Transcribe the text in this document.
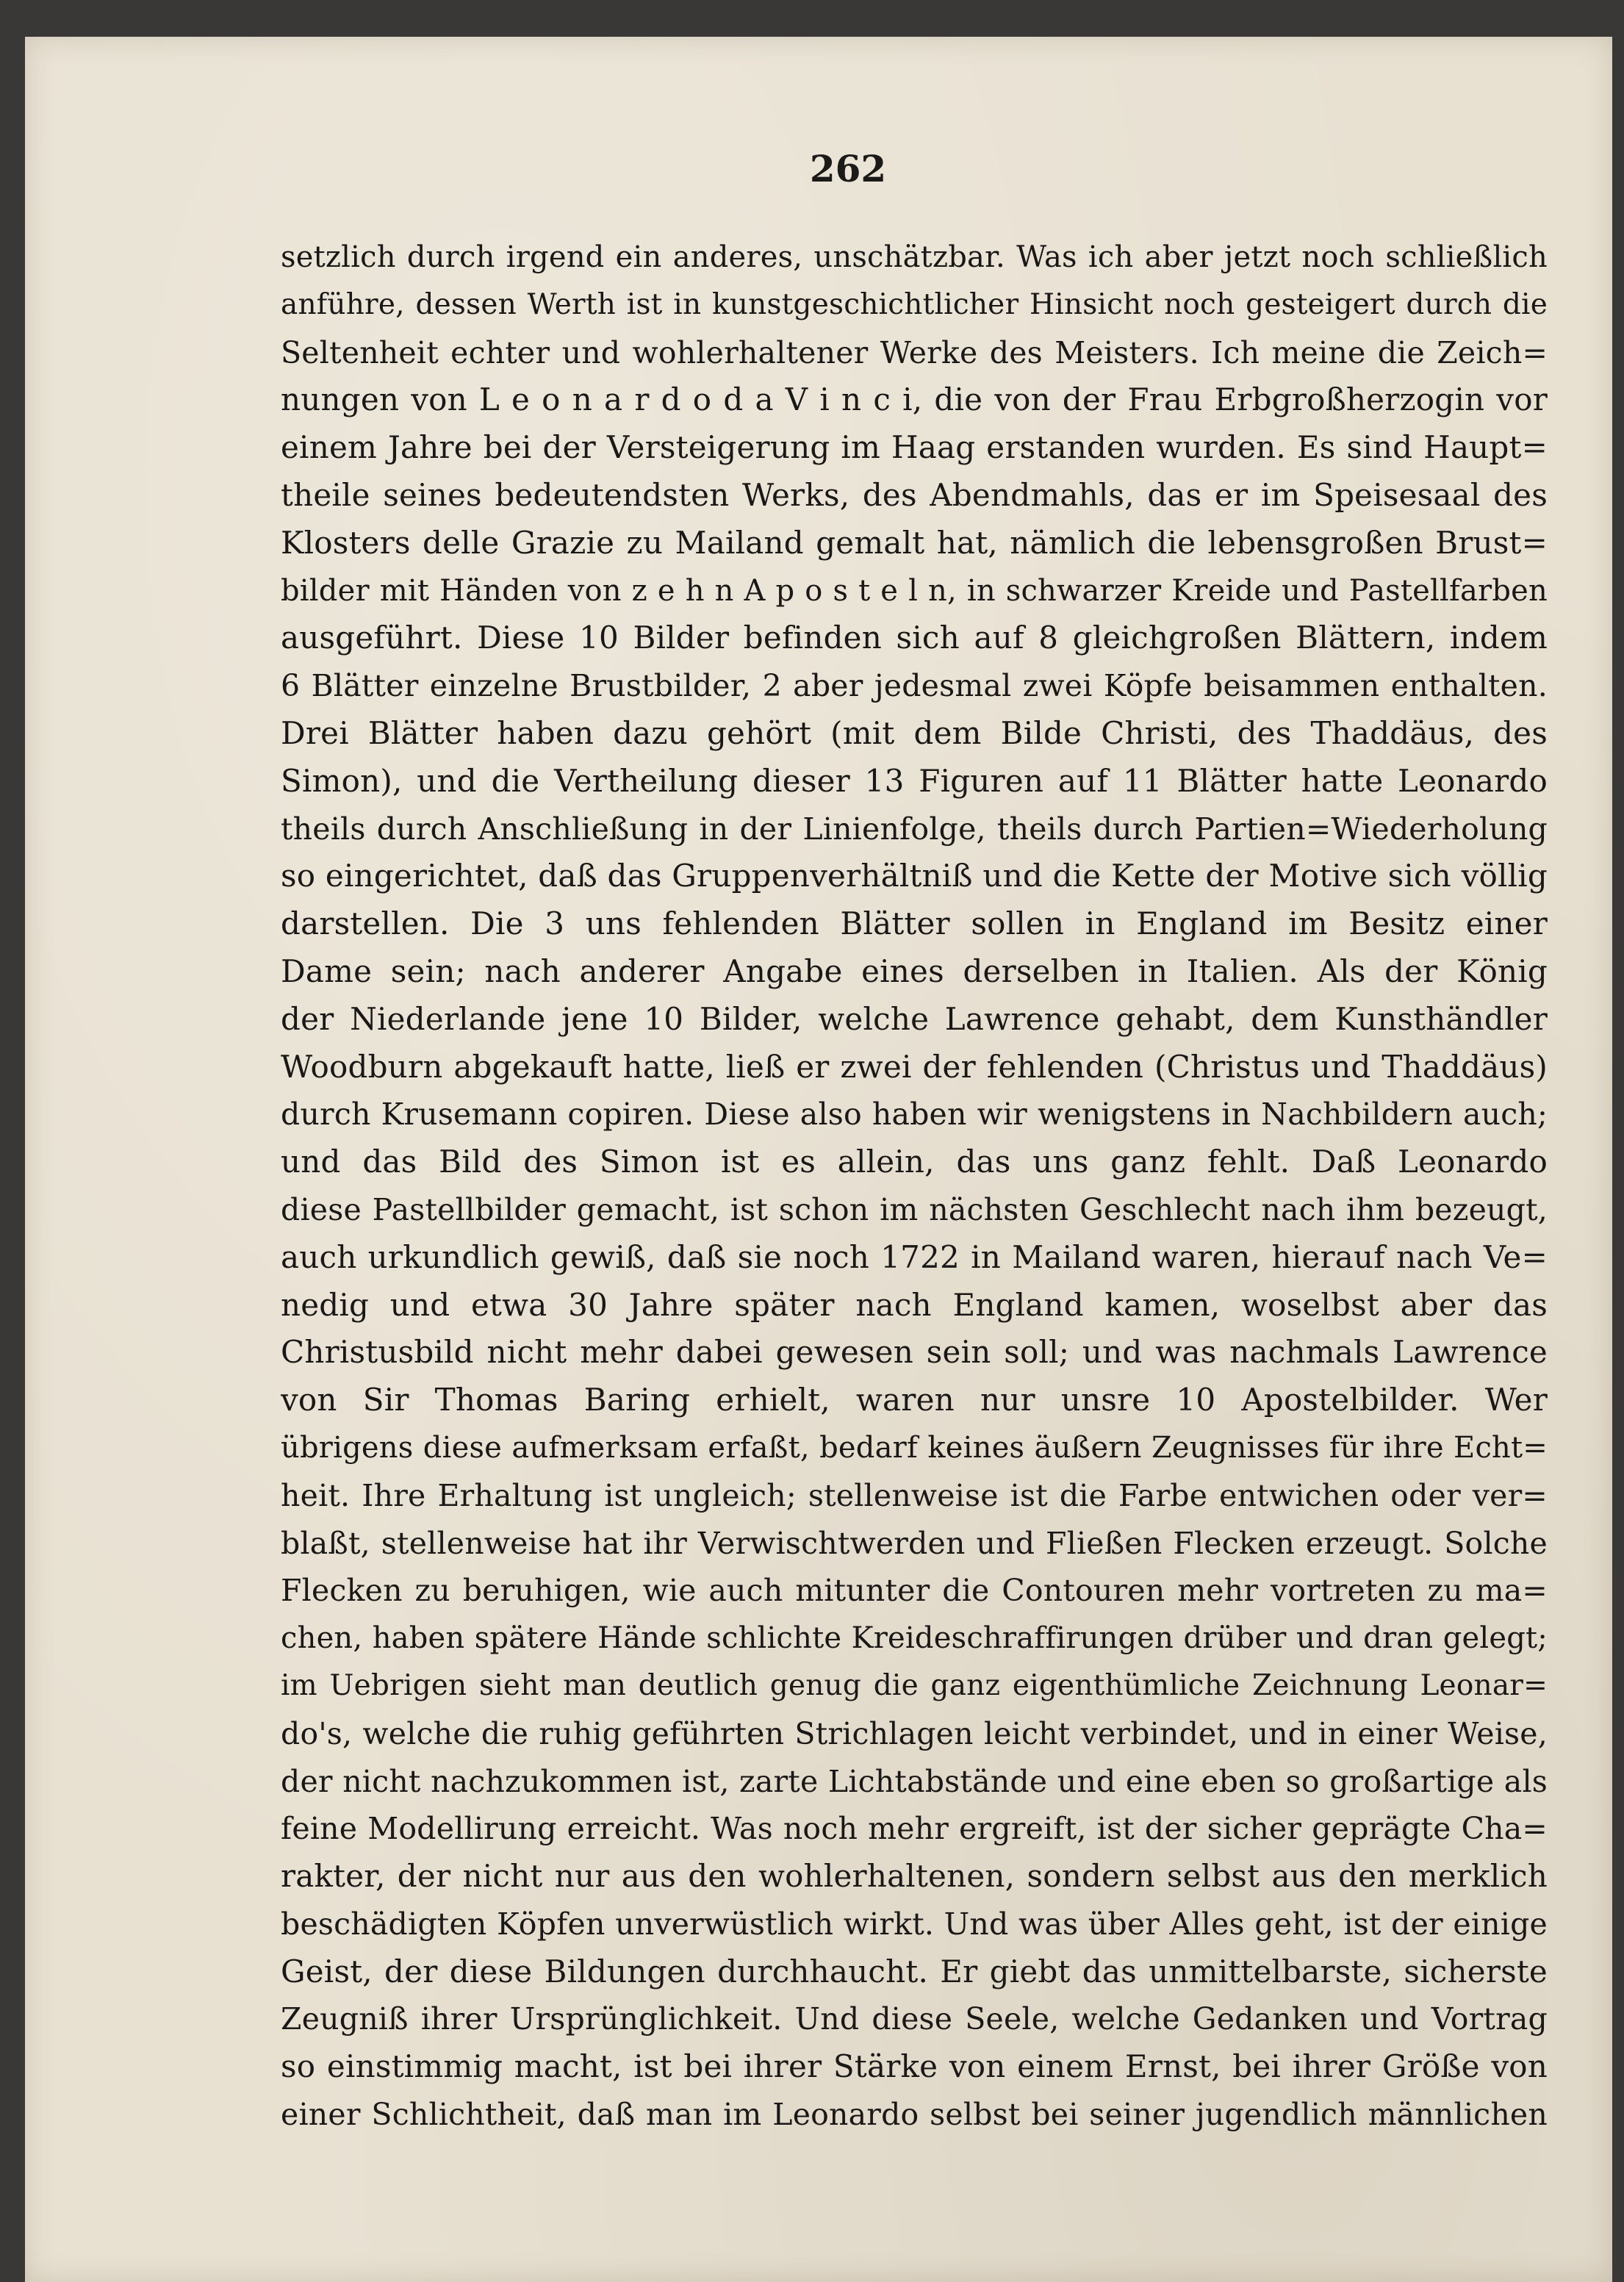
262
setzlich durch irgend ein anderes, unschätzbar. Was ich aber jetzt noch schließlich
anführe, dessen Werth ist in kunstgeschichtlicher Hinsicht noch gesteigert durch die
Seltenheit echter und wohlerhaltener Werke des Meisters. Ich meine die Zeich=
nungen von L e o n a r d o d a V i n c i, die von der Frau Erbgroßherzogin vor
einem Jahre bei der Versteigerung im Haag erstanden wurden. Es sind Haupt=
theile seines bedeutendsten Werks, des Abendmahls, das er im Speisesaal des
Klosters delle Grazie zu Mailand gemalt hat, nämlich die lebensgroßen Brust=
bilder mit Händen von z e h n A p o s t e l n, in schwarzer Kreide und Pastellfarben
ausgeführt. Diese 10 Bilder befinden sich auf 8 gleichgroßen Blättern, indem
6 Blätter einzelne Brustbilder, 2 aber jedesmal zwei Köpfe beisammen enthalten.
Drei Blätter haben dazu gehört (mit dem Bilde Christi, des Thaddäus, des
Simon), und die Vertheilung dieser 13 Figuren auf 11 Blätter hatte Leonardo
theils durch Anschließung in der Linienfolge, theils durch Partien=Wiederholung
so eingerichtet, daß das Gruppenverhältniß und die Kette der Motive sich völlig
darstellen. Die 3 uns fehlenden Blätter sollen in England im Besitz einer
Dame sein; nach anderer Angabe eines derselben in Italien. Als der König
der Niederlande jene 10 Bilder, welche Lawrence gehabt, dem Kunsthändler
Woodburn abgekauft hatte, ließ er zwei der fehlenden (Christus und Thaddäus)
durch Krusemann copiren. Diese also haben wir wenigstens in Nachbildern auch;
und das Bild des Simon ist es allein, das uns ganz fehlt. Daß Leonardo
diese Pastellbilder gemacht, ist schon im nächsten Geschlecht nach ihm bezeugt,
auch urkundlich gewiß, daß sie noch 1722 in Mailand waren, hierauf nach Ve=
nedig und etwa 30 Jahre später nach England kamen, woselbst aber das
Christusbild nicht mehr dabei gewesen sein soll; und was nachmals Lawrence
von Sir Thomas Baring erhielt, waren nur unsre 10 Apostelbilder. Wer
übrigens diese aufmerksam erfaßt, bedarf keines äußern Zeugnisses für ihre Echt=
heit. Ihre Erhaltung ist ungleich; stellenweise ist die Farbe entwichen oder ver=
blaßt, stellenweise hat ihr Verwischtwerden und Fließen Flecken erzeugt. Solche
Flecken zu beruhigen, wie auch mitunter die Contouren mehr vortreten zu ma=
chen, haben spätere Hände schlichte Kreideschraffirungen drüber und dran gelegt;
im Uebrigen sieht man deutlich genug die ganz eigenthümliche Zeichnung Leonar=
do's, welche die ruhig geführten Strichlagen leicht verbindet, und in einer Weise,
der nicht nachzukommen ist, zarte Lichtabstände und eine eben so großartige als
feine Modellirung erreicht. Was noch mehr ergreift, ist der sicher geprägte Cha=
rakter, der nicht nur aus den wohlerhaltenen, sondern selbst aus den merklich
beschädigten Köpfen unverwüstlich wirkt. Und was über Alles geht, ist der einige
Geist, der diese Bildungen durchhaucht. Er giebt das unmittelbarste, sicherste
Zeugniß ihrer Ursprünglichkeit. Und diese Seele, welche Gedanken und Vortrag
so einstimmig macht, ist bei ihrer Stärke von einem Ernst, bei ihrer Größe von
einer Schlichtheit, daß man im Leonardo selbst bei seiner jugendlich männlichen
